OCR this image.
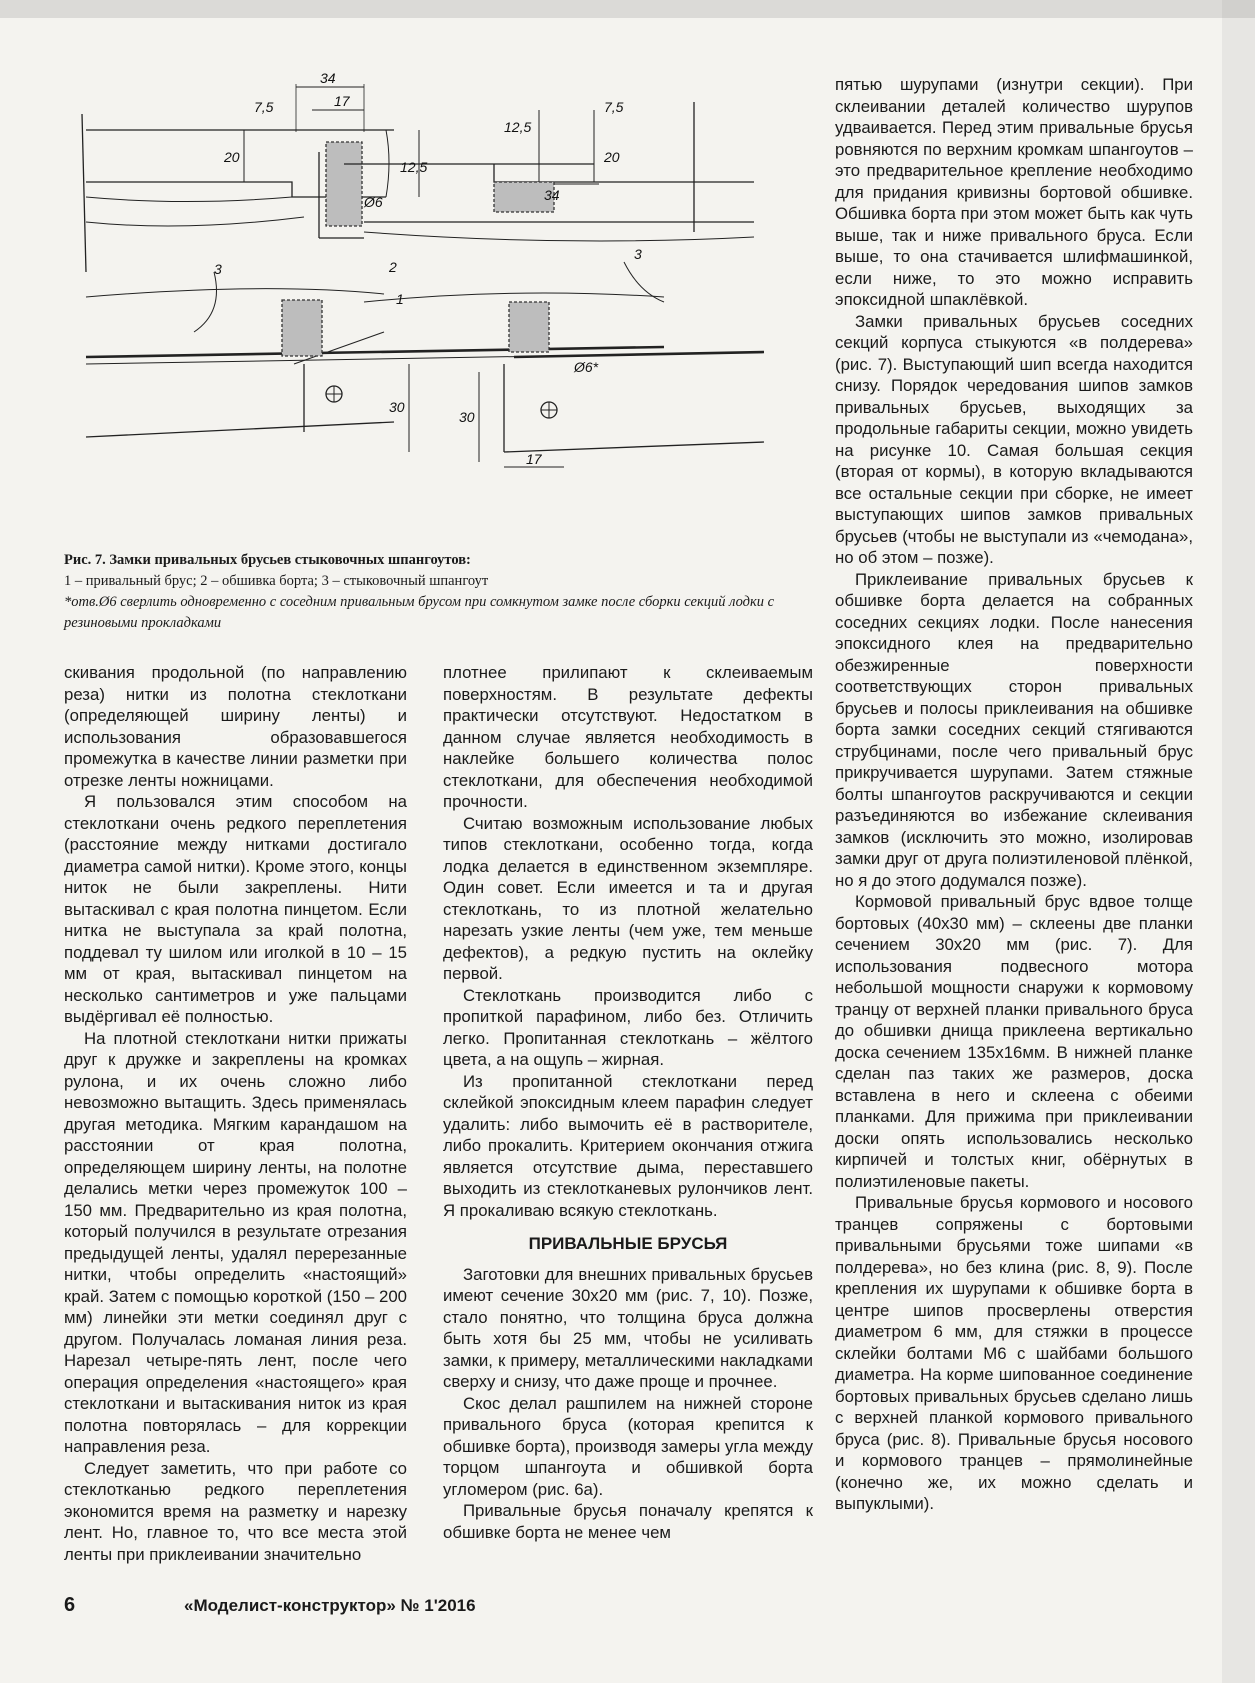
34
7,5	17
20
12,5
Ø6
12,5
7,5
20
34
3
3	2
1
30
Ø6*
30
17
Рис. 7. Замки привальных брусьев стыковочных шпангоутов:
1 – привальный брус; 2 – обшивка борта; 3 – стыковочный шпангоут
*отв.Ø6 сверлить одновременно с соседним привальным брусом при сомкнутом замке после сборки секций лодки с резиновыми прокладками

скивания продольной (по направлению реза) нитки из полотна стеклоткани (определяющей ширину ленты) и использования образовавшегося промежутка в качестве линии разметки при отрезке ленты ножницами.

Я пользовался этим способом на стеклоткани очень редкого переплетения (расстояние между нитками достигало диаметра самой нитки). Кроме этого, концы ниток не были закреплены. Нити вытаскивал с края полотна пинцетом. Если нитка не выступала за край полотна, поддевал ту шилом или иголкой в 10 – 15 мм от края, вытаскивал пинцетом на несколько сантиметров и уже пальцами выдёргивал её полностью.

На плотной стеклоткани нитки прижаты друг к дружке и закреплены на кромках рулона, и их очень сложно либо невозможно вытащить. Здесь применялась другая методика. Мягким карандашом на расстоянии от края полотна, определяющем ширину ленты, на полотне делались метки через промежуток 100 – 150 мм. Предварительно из края полотна, который получился в результате отрезания предыдущей ленты, удалял перерезанные нитки, чтобы определить «настоящий» край. Затем с помощью короткой (150 – 200 мм) линейки эти метки соединял друг с другом. Получалась ломаная линия реза. Нарезал четыре-пять лент, после чего операция определения «настоящего» края стеклоткани и вытаскивания ниток из края полотна повторялась – для коррекции направления реза.

Следует заметить, что при работе со стеклотканью редкого переплетения экономится время на разметку и нарезку лент. Но, главное то, что все места этой ленты при приклеивании значительно

плотнее прилипают к склеиваемым поверхностям. В результате дефекты практически отсутствуют. Недостатком в данном случае является необходимость в наклейке большего количества полос стеклоткани, для обеспечения необходимой прочности.

Считаю возможным использование любых типов стеклоткани, особенно тогда, когда лодка делается в единственном экземпляре. Один совет. Если имеется и та и другая стеклоткань, то из плотной желательно нарезать узкие ленты (чем уже, тем меньше дефектов), а редкую пустить на оклейку первой.

Стеклоткань производится либо с пропиткой парафином, либо без. Отличить легко. Пропитанная стеклоткань – жёлтого цвета, а на ощупь – жирная.

Из пропитанной стеклоткани перед склейкой эпоксидным клеем парафин следует удалить: либо вымочить её в растворителе, либо прокалить. Критерием окончания отжига является отсутствие дыма, переставшего выходить из стеклотканевых рулончиков лент. Я прокаливаю всякую стеклоткань.

ПРИВАЛЬНЫЕ БРУСЬЯ

Заготовки для внешних привальных брусьев имеют сечение 30х20 мм (рис. 7, 10). Позже, стало понятно, что толщина бруса должна быть хотя бы 25 мм, чтобы не усиливать замки, к примеру, металлическими накладками сверху и снизу, что даже проще и прочнее.

Скос делал рашпилем на нижней стороне привального бруса (которая крепится к обшивке борта), производя замеры угла между торцом шпангоута и обшивкой борта угломером (рис. 6а).

Привальные брусья поначалу крепятся к обшивке борта не менее чем

пятью шурупами (изнутри секции). При склеивании деталей количество шурупов удваивается. Перед этим привальные брусья ровняются по верхним кромкам шпангоутов – это предварительное крепление необходимо для придания кривизны бортовой обшивке. Обшивка борта при этом может быть как чуть выше, так и ниже привального бруса. Если выше, то она стачивается шлифмашинкой, если ниже, то это можно исправить эпоксидной шпаклёвкой.

Замки привальных брусьев соседних секций корпуса стыкуются «в полдерева» (рис. 7). Выступающий шип всегда находится снизу. Порядок чередования шипов замков привальных брусьев, выходящих за продольные габариты секции, можно увидеть на рисунке 10. Самая большая секция (вторая от кормы), в которую вкладываются все остальные секции при сборке, не имеет выступающих шипов замков привальных брусьев (чтобы не выступали из «чемодана», но об этом – позже).

Приклеивание привальных брусьев к обшивке борта делается на собранных соседних секциях лодки. После нанесения эпоксидного клея на предварительно обезжиренные поверхности соответствующих сторон привальных брусьев и полосы приклеивания на обшивке борта замки соседних секций стягиваются струбцинами, после чего привальный брус прикручивается шурупами. Затем стяжные болты шпангоутов раскручиваются и секции разъединяются во избежание склеивания замков (исключить это можно, изолировав замки друг от друга полиэтиленовой плёнкой, но я до этого додумался позже).

Кормовой привальный брус вдвое толще бортовых (40х30 мм) – склеены две планки сечением 30х20 мм (рис. 7). Для использования подвесного мотора небольшой мощности снаружи к кормовому транцу от верхней планки привального бруса до обшивки днища приклеена вертикально доска сечением 135х16мм. В нижней планке сделан паз таких же размеров, доска вставлена в него и склеена с обеими планками. Для прижима при приклеивании доски опять использовались несколько кирпичей и толстых книг, обёрнутых в полиэтиленовые пакеты.

Привальные брусья кормового и носового транцев сопряжены с бортовыми привальными брусьями тоже шипами «в полдерева», но без клина (рис. 8, 9). После крепления их шурупами к обшивке борта в центре шипов просверлены отверстия диаметром 6 мм, для стяжки в процессе склейки болтами М6 с шайбами большого диаметра. На корме шипованное соединение бортовых привальных брусьев сделано лишь с верхней планкой кормового привального бруса (рис. 8). Привальные брусья носового и кормового транцев – прямолинейные (конечно же, их можно сделать и выпуклыми).

6	«Моделист-конструктор» № 1'2016
